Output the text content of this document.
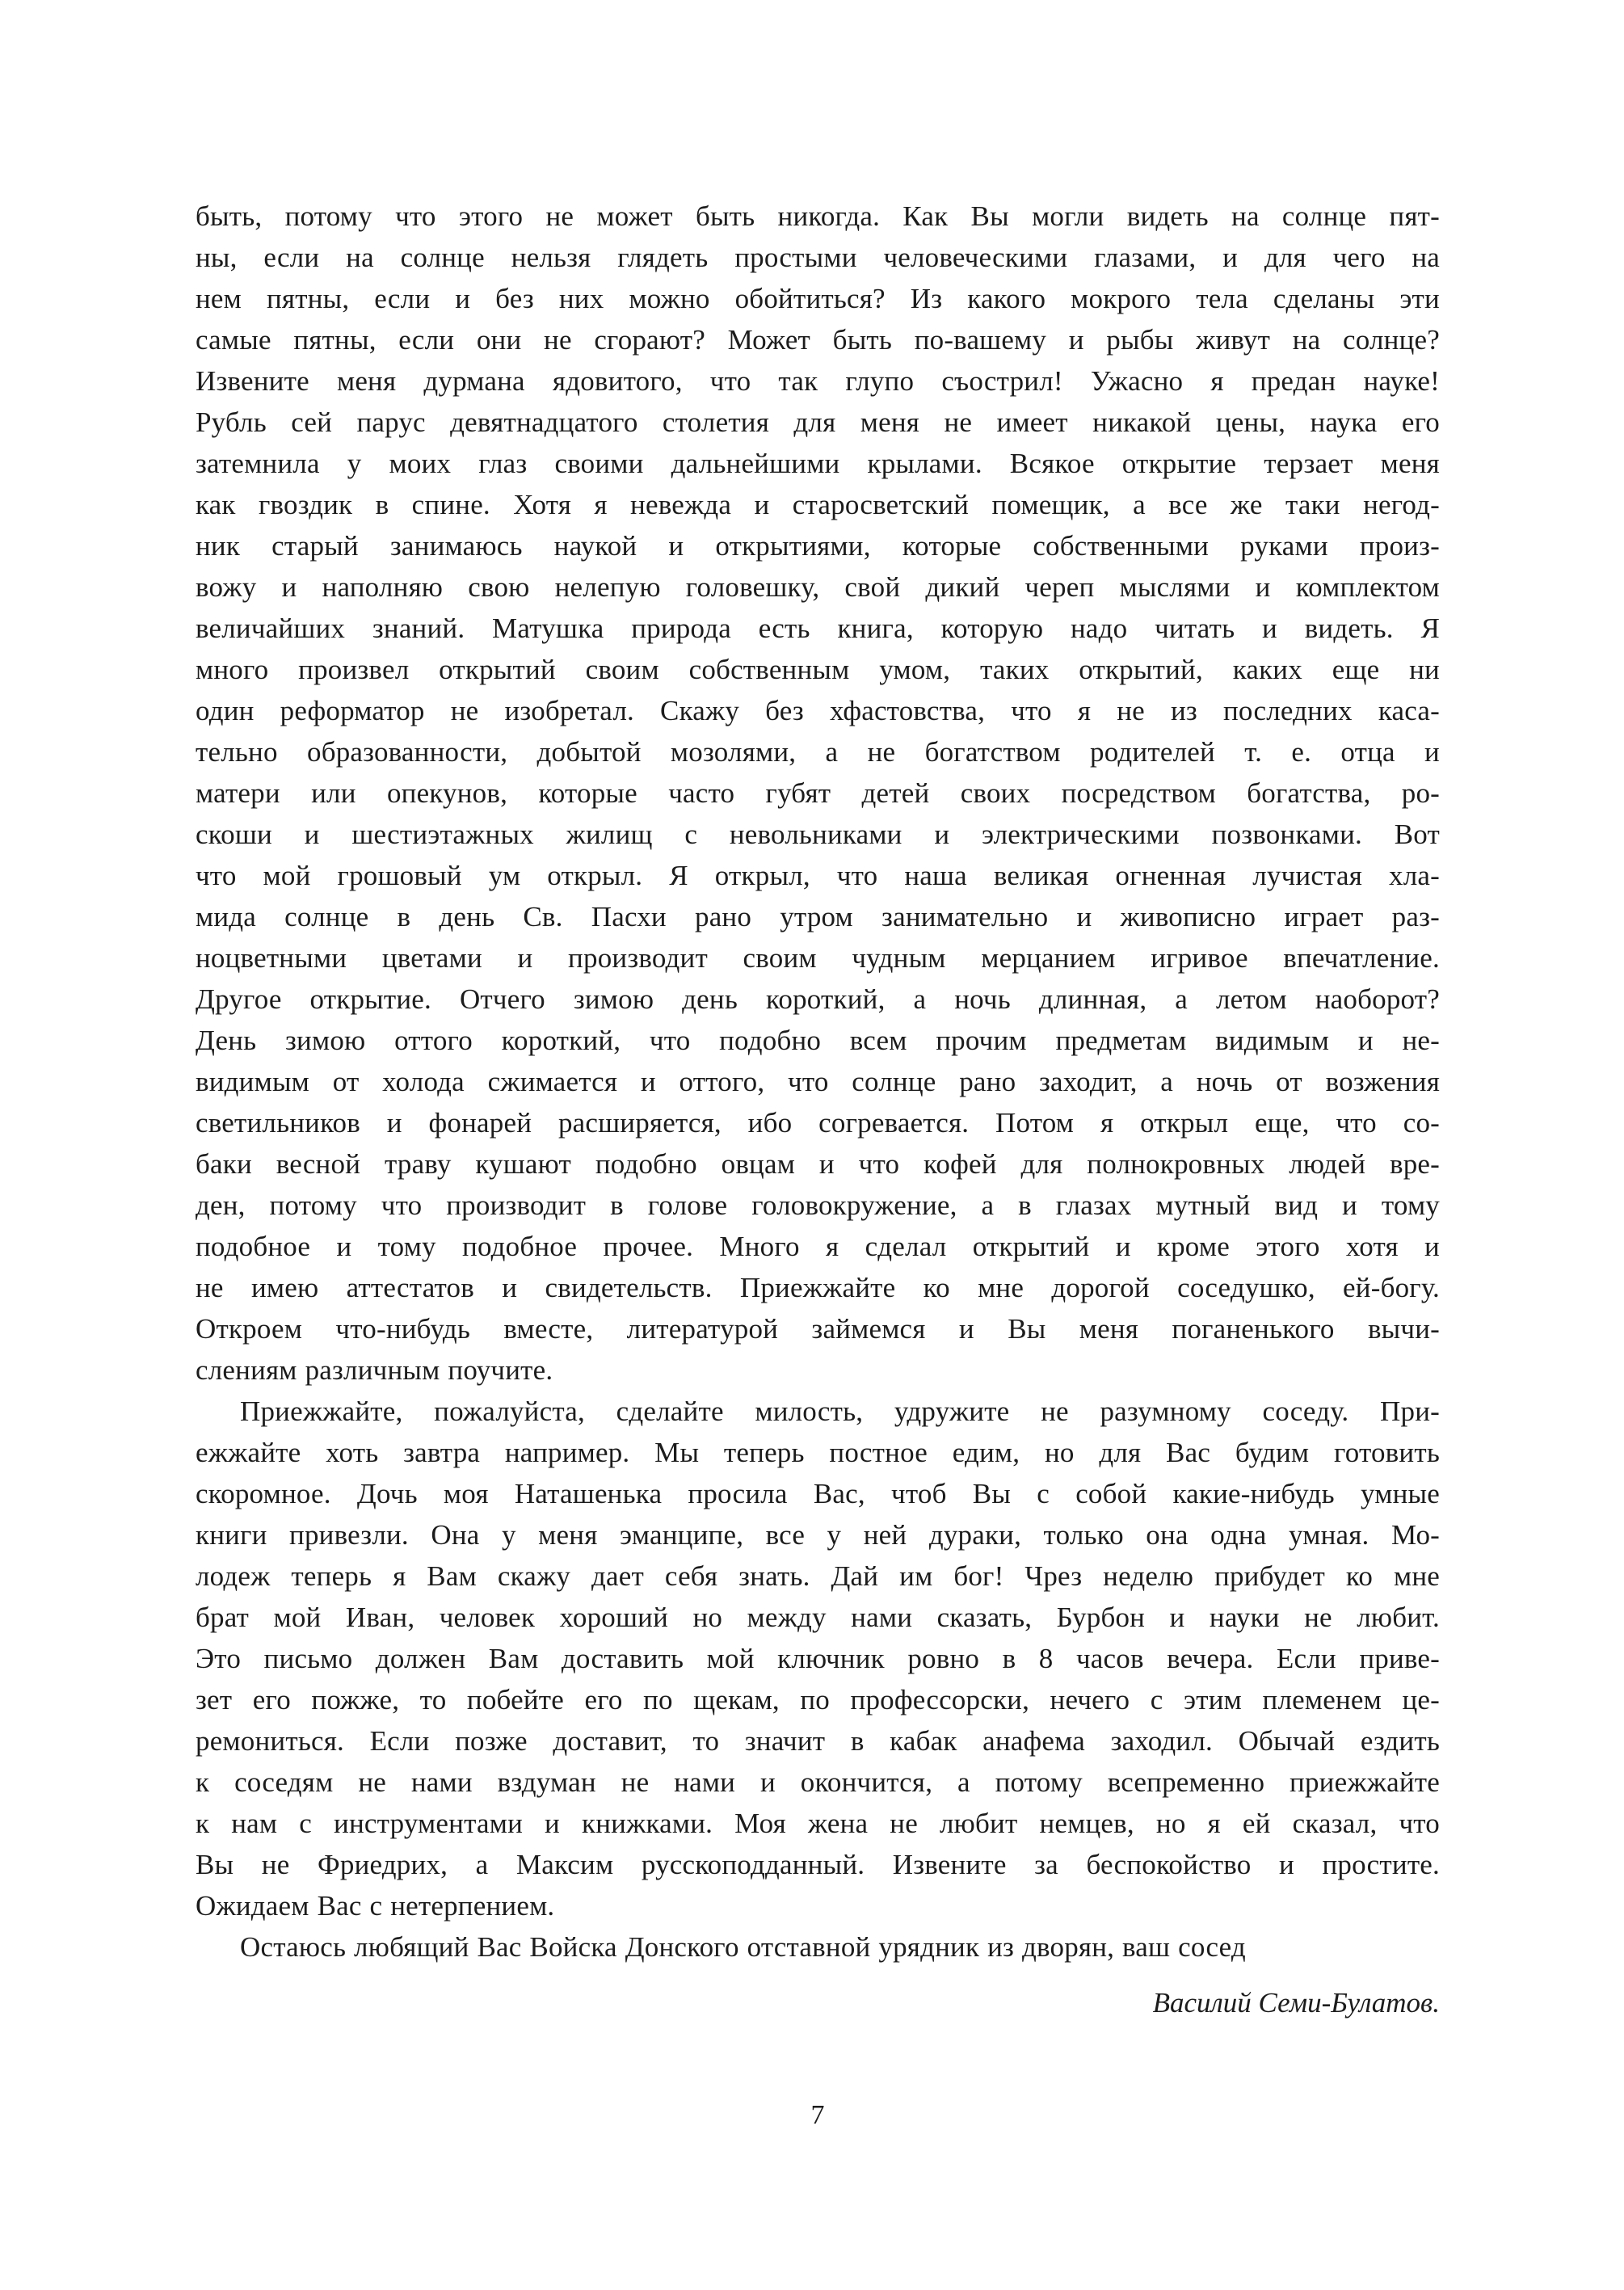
быть, потому что этого не может быть никогда. Как Вы могли видеть на солнце пят-
ны, если на солнце нельзя глядеть простыми человеческими глазами, и для чего на
нем пятны, если и без них можно обойтиться? Из какого мокрого тела сделаны эти
самые пятны, если они не сгорают? Может быть по-вашему и рыбы живут на солнце?
Извените меня дурмана ядовитого, что так глупо съострил! Ужасно я предан науке!
Рубль сей парус девятнадцатого столетия для меня не имеет никакой цены, наука его
затемнила у моих глаз своими дальнейшими крылами. Всякое открытие терзает меня
как гвоздик в спине. Хотя я невежда и старосветский помещик, а все же таки негод-
ник старый занимаюсь наукой и открытиями, которые собственными руками произ-
вожу и наполняю свою нелепую головешку, свой дикий череп мыслями и комплектом
величайших знаний. Матушка природа есть книга, которую надо читать и видеть. Я
много произвел открытий своим собственным умом, таких открытий, каких еще ни
один реформатор не изобретал. Скажу без хфастовства, что я не из последних каса-
тельно образованности, добытой мозолями, а не богатством родителей т. е. отца и
матери или опекунов, которые часто губят детей своих посредством богатства, ро-
скоши и шестиэтажных жилищ с невольниками и электрическими позвонками. Вот
что мой грошовый ум открыл. Я открыл, что наша великая огненная лучистая хла-
мида солнце в день Св. Пасхи рано утром занимательно и живописно играет раз-
ноцветными цветами и производит своим чудным мерцанием игривое впечатление.
Другое открытие. Отчего зимою день короткий, а ночь длинная, а летом наоборот?
День зимою оттого короткий, что подобно всем прочим предметам видимым и не-
видимым от холода сжимается и оттого, что солнце рано заходит, а ночь от возжения
светильников и фонарей расширяется, ибо согревается. Потом я открыл еще, что со-
баки весной траву кушают подобно овцам и что кофей для полнокровных людей вре-
ден, потому что производит в голове головокружение, а в глазах мутный вид и тому
подобное и тому подобное прочее. Много я сделал открытий и кроме этого хотя и
не имею аттестатов и свидетельств. Приежжайте ко мне дорогой соседушко, ей-богу.
Откроем что-нибудь вместе, литературой займемся и Вы меня поганенького вычи-
слениям различным поучите.
Приежжайте, пожалуйста, сделайте милость, удружите не разумному соседу. При-
ежжайте хоть завтра например. Мы теперь постное едим, но для Вас будим готовить
скоромное. Дочь моя Наташенька просила Вас, чтоб Вы с собой какие-нибудь умные
книги привезли. Она у меня эманципе, все у ней дураки, только она одна умная. Мо-
лодеж теперь я Вам скажу дает себя знать. Дай им бог! Чрез неделю прибудет ко мне
брат мой Иван, человек хороший но между нами сказать, Бурбон и науки не любит.
Это письмо должен Вам доставить мой ключник ровно в 8 часов вечера. Если приве-
зет его пожже, то побейте его по щекам, по профессорски, нечего с этим племенем це-
ремониться. Если позже доставит, то значит в кабак анафема заходил. Обычай ездить
к соседям не нами вздуман не нами и окончится, а потому всепременно приежжайте
к нам с инструментами и книжками. Моя жена не любит немцев, но я ей сказал, что
Вы не Фриедрих, а Максим русскоподданный. Извените за беспокойство и простите.
Ожидаем Вас с нетерпением.
Остаюсь любящий Вас Войска Донского отставной урядник из дворян, ваш сосед
Василий Семи-Булатов.
7
